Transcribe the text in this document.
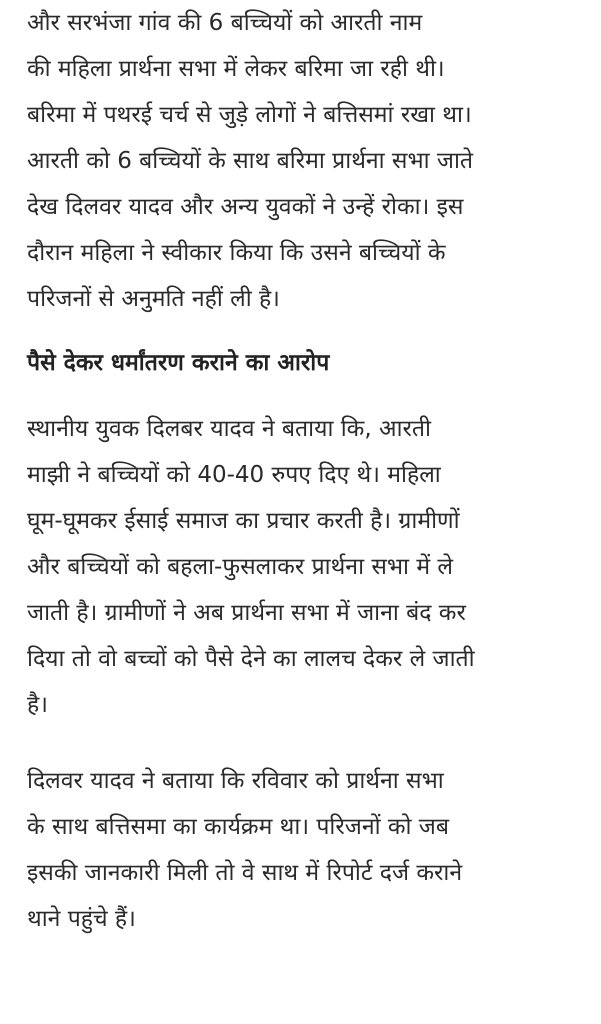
और सरभंजा गांव की 6 बच्चियों को आरती नाम
की महिला प्रार्थना सभा में लेकर बरिमा जा रही थी।
बरिमा में पथरई चर्च से जुड़े लोगों ने बत्तिसमां रखा था।
आरती को 6 बच्चियों के साथ बरिमा प्रार्थना सभा जाते
देख दिलवर यादव और अन्य युवकों ने उन्हें रोका। इस
दौरान महिला ने स्वीकार किया कि उसने बच्चियों के
परिजनों से अनुमति नहीं ली है।
पैसे देकर धर्मांतरण कराने का आरोप
स्थानीय युवक दिलबर यादव ने बताया कि, आरती
माझी ने बच्चियों को 40-40 रुपए दिए थे। महिला
घूम-घूमकर ईसाई समाज का प्रचार करती है। ग्रामीणों
और बच्चियों को बहला-फुसलाकर प्रार्थना सभा में ले
जाती है। ग्रामीणों ने अब प्रार्थना सभा में जाना बंद कर
दिया तो वो बच्चों को पैसे देने का लालच देकर ले जाती
है।
दिलवर यादव ने बताया कि रविवार को प्रार्थना सभा
के साथ बत्तिसमा का कार्यक्रम था। परिजनों को जब
इसकी जानकारी मिली तो वे साथ में रिपोर्ट दर्ज कराने
थाने पहुंचे हैं।
